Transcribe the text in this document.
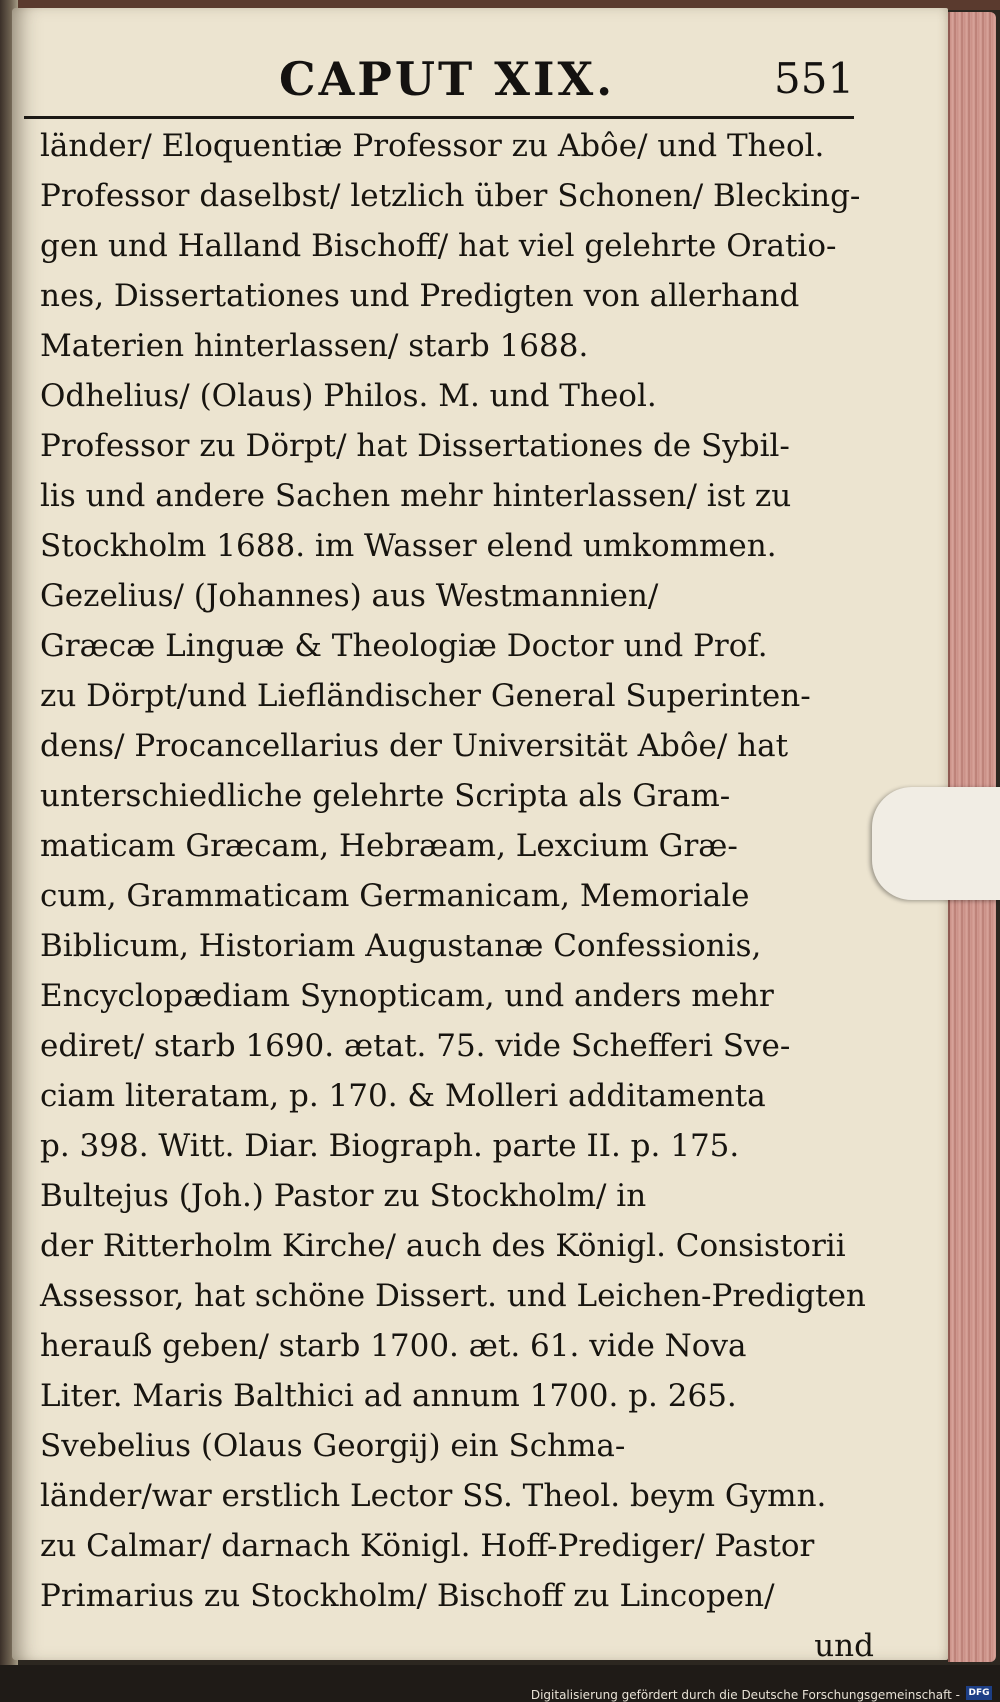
CAPUT XIX.	551
länder/ Eloquentiæ Professor zu Abôe/ und Theol.
Professor daselbst/ letzlich über Schonen/ Blecking-
gen und Halland Bischoff/ hat viel gelehrte Oratio-
nes, Dissertationes und Predigten von allerhand
Materien hinterlassen/ starb 1688.
Odhelius/ (Olaus) Philos. M. und Theol.
Professor zu Dörpt/ hat Dissertationes de Sybil-
lis und andere Sachen mehr hinterlassen/ ist zu
Stockholm 1688. im Wasser elend umkommen.
Gezelius/ (Johannes) aus Westmannien/
Græcæ Linguæ & Theologiæ Doctor und Prof.
zu Dörpt/und Liefländischer General Superinten-
dens/ Procancellarius der Universität Abôe/ hat
unterschiedliche gelehrte Scripta als Gram-
maticam Græcam, Hebræam, Lexcium Græ-
cum, Grammaticam Germanicam, Memoriale
Biblicum, Historiam Augustanæ Confessionis,
Encyclopædiam Synopticam, und anders mehr
ediret/ starb 1690. ætat. 75. vide Schefferi Sve-
ciam literatam, p. 170. & Molleri additamenta
p. 398. Witt. Diar. Biograph. parte II. p. 175.
Bultejus (Joh.) Pastor zu Stockholm/ in
der Ritterholm Kirche/ auch des Königl. Consistorii
Assessor, hat schöne Dissert. und Leichen-Predigten
herauß geben/ starb 1700. æt. 61. vide Nova
Liter. Maris Balthici ad annum 1700. p. 265.
Svebelius (Olaus Georgij) ein Schma-
länder/war erstlich Lector SS. Theol. beym Gymn.
zu Calmar/ darnach Königl. Hoff-Prediger/ Pastor
Primarius zu Stockholm/ Bischoff zu Lincopen/
und
Digitalisierung gefördert durch die Deutsche Forschungsgemeinschaft - DFG
